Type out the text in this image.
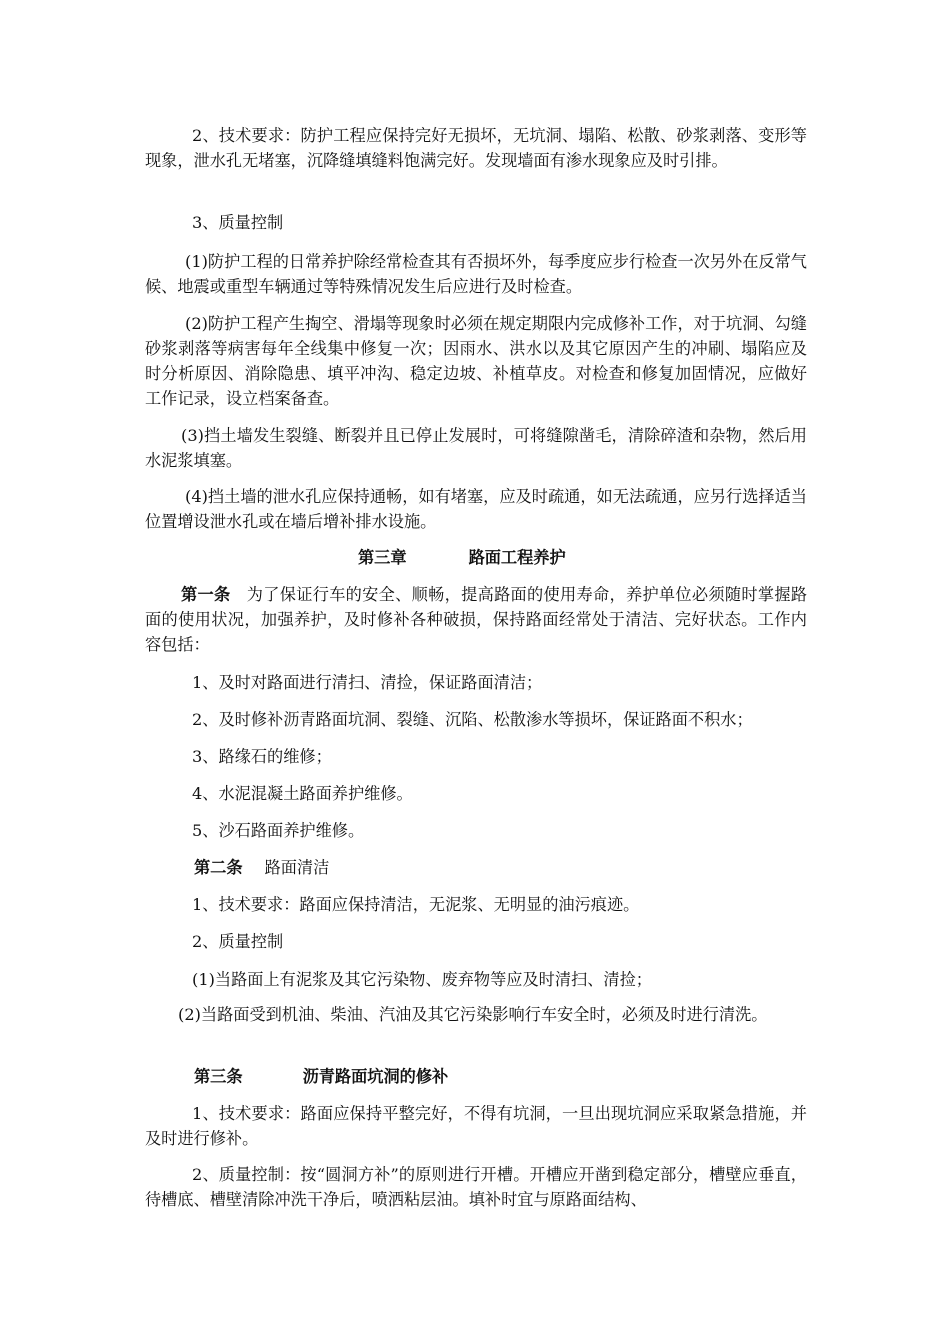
2、技术要求：防护工程应保持完好无损坏，无坑洞、塌陷、松散、砂浆剥落、变形等现象，泄水孔无堵塞，沉降缝填缝料饱满完好。发现墙面有渗水现象应及时引排。

3、质量控制

(1)防护工程的日常养护除经常检查其有否损坏外，每季度应步行检查一次另外在反常气候、地震或重型车辆通过等特殊情况发生后应进行及时检查。

(2)防护工程产生掏空、滑塌等现象时必须在规定期限内完成修补工作，对于坑洞、勾缝砂浆剥落等病害每年全线集中修复一次；因雨水、洪水以及其它原因产生的冲刷、塌陷应及时分析原因、消除隐患、填平冲沟、稳定边坡、补植草皮。对检查和修复加固情况，应做好工作记录，设立档案备查。

(3)挡土墙发生裂缝、断裂并且已停止发展时，可将缝隙凿毛，清除碎渣和杂物，然后用水泥浆填塞。

(4)挡土墙的泄水孔应保持通畅，如有堵塞，应及时疏通，如无法疏通，应另行选择适当位置增设泄水孔或在墙后增补排水设施。

第三章	路面工程养护

第一条 为了保证行车的安全、顺畅，提高路面的使用寿命，养护单位必须随时掌握路面的使用状况，加强养护，及时修补各种破损，保持路面经常处于清洁、完好状态。工作内容包括：

1、及时对路面进行清扫、清捡，保证路面清洁；

2、及时修补沥青路面坑洞、裂缝、沉陷、松散渗水等损坏，保证路面不积水；

3、路缘石的维修；

4、水泥混凝土路面养护维修。

5、沙石路面养护维修。

第二条 路面清洁

1、技术要求：路面应保持清洁，无泥浆、无明显的油污痕迹。

2、质量控制

(1)当路面上有泥浆及其它污染物、废弃物等应及时清扫、清捡；

(2)当路面受到机油、柴油、汽油及其它污染影响行车安全时，必须及时进行清洗。

第三条	沥青路面坑洞的修补

1、技术要求：路面应保持平整完好，不得有坑洞，一旦出现坑洞应采取紧急措施，并及时进行修补。

2、质量控制：按“圆洞方补”的原则进行开槽。开槽应开凿到稳定部分，槽壁应垂直，待槽底、槽壁清除冲洗干净后，喷洒粘层油。填补时宜与原路面结构、
